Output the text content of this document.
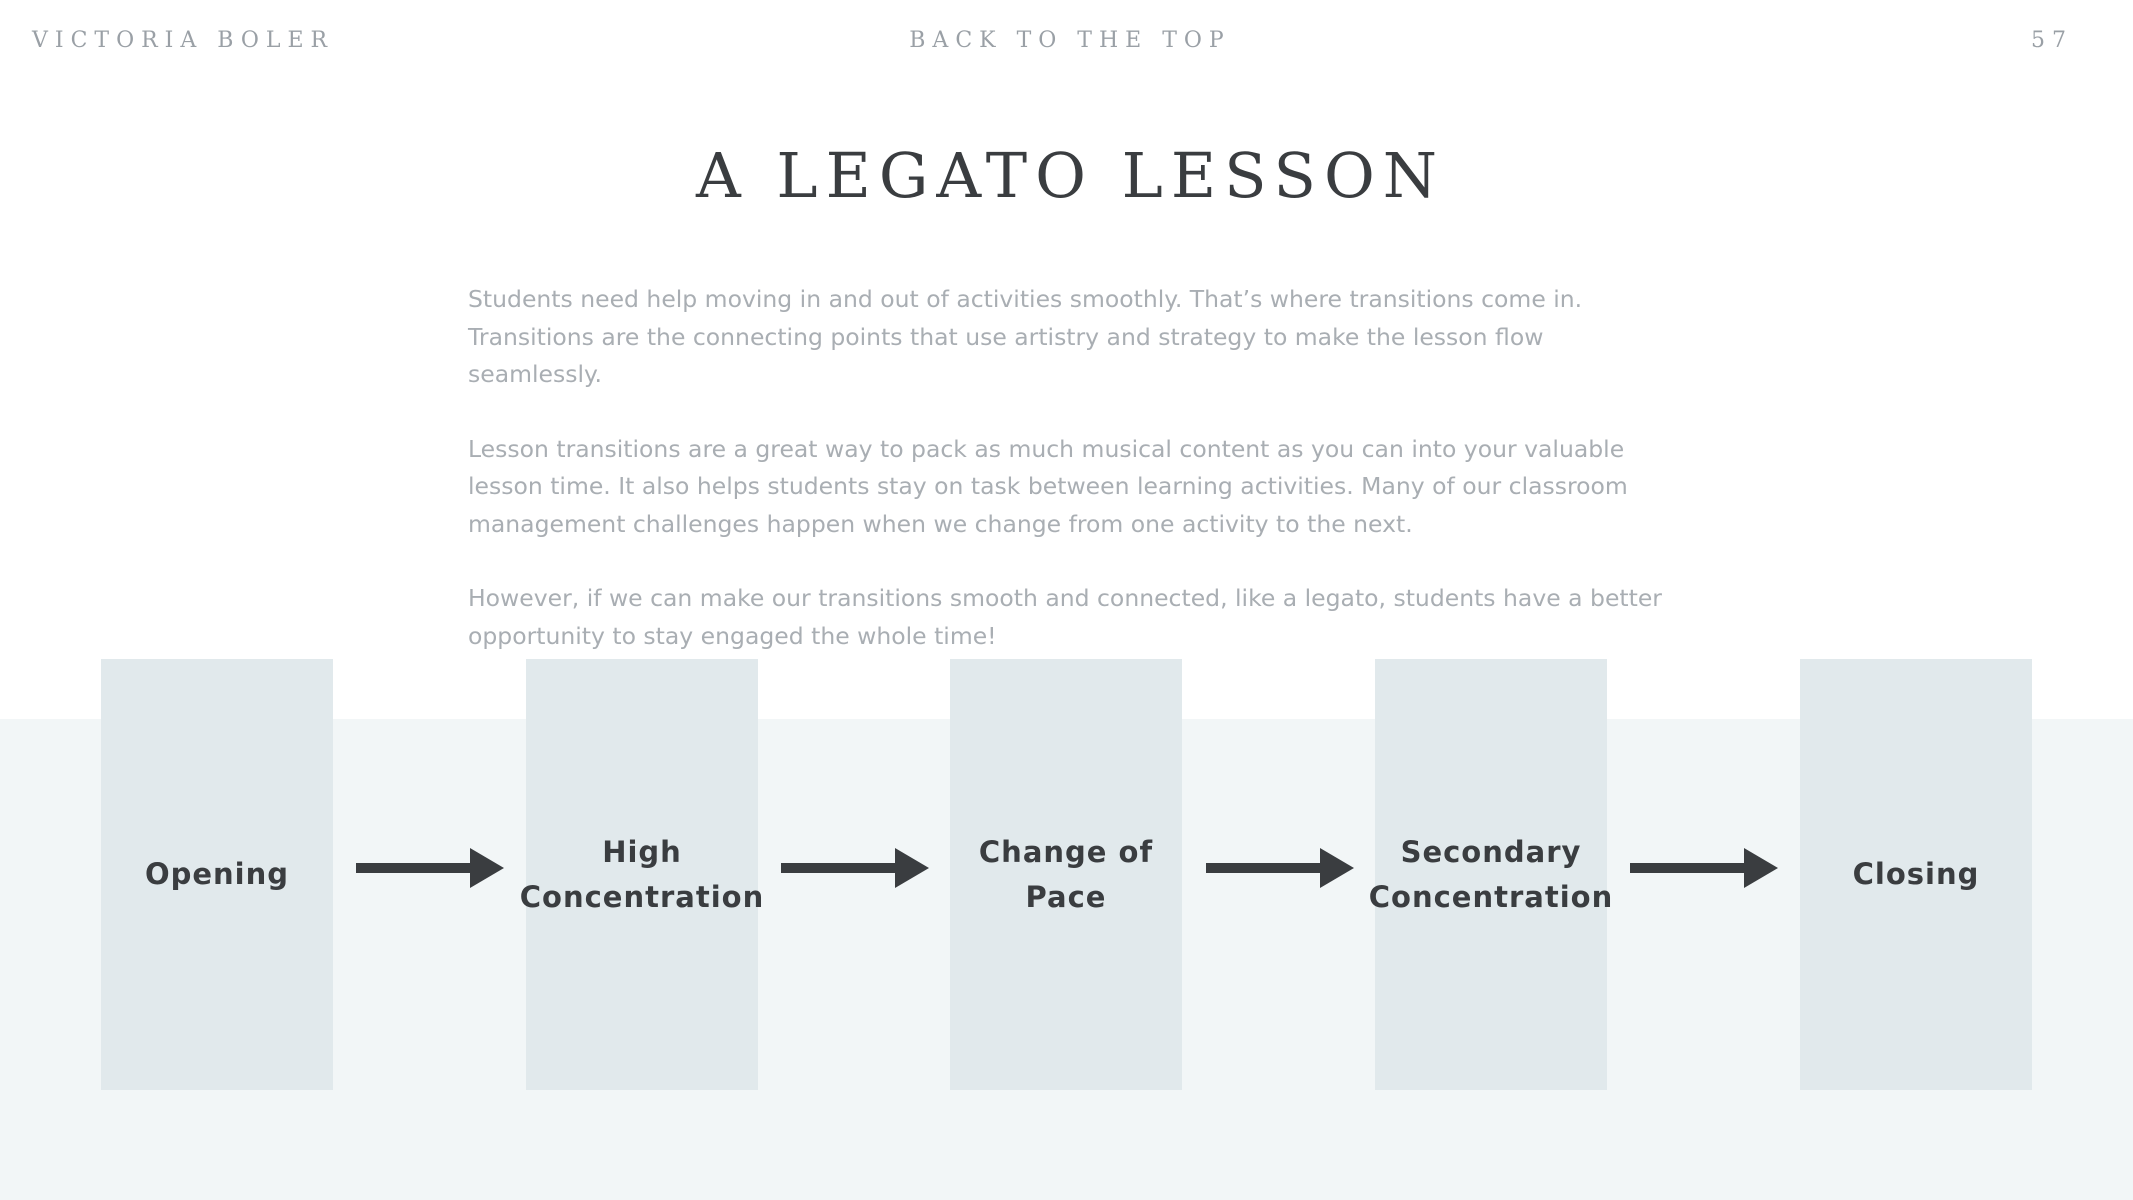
VICTORIA BOLER	BACK TO THE TOP	57
A LEGATO LESSON

Students need help moving in and out of activities smoothly. That’s where transitions come in. Transitions are the connecting points that use artistry and strategy to make the lesson flow seamlessly.

Lesson transitions are a great way to pack as much musical content as you can into your valuable lesson time. It also helps students stay on task between learning activities. Many of our classroom management challenges happen when we change from one activity to the next.

However, if we can make our transitions smooth and connected, like a legato, students have a better opportunity to stay engaged the whole time!

Opening
High
Concentration
Change of
Pace
Secondary
Concentration
Closing
